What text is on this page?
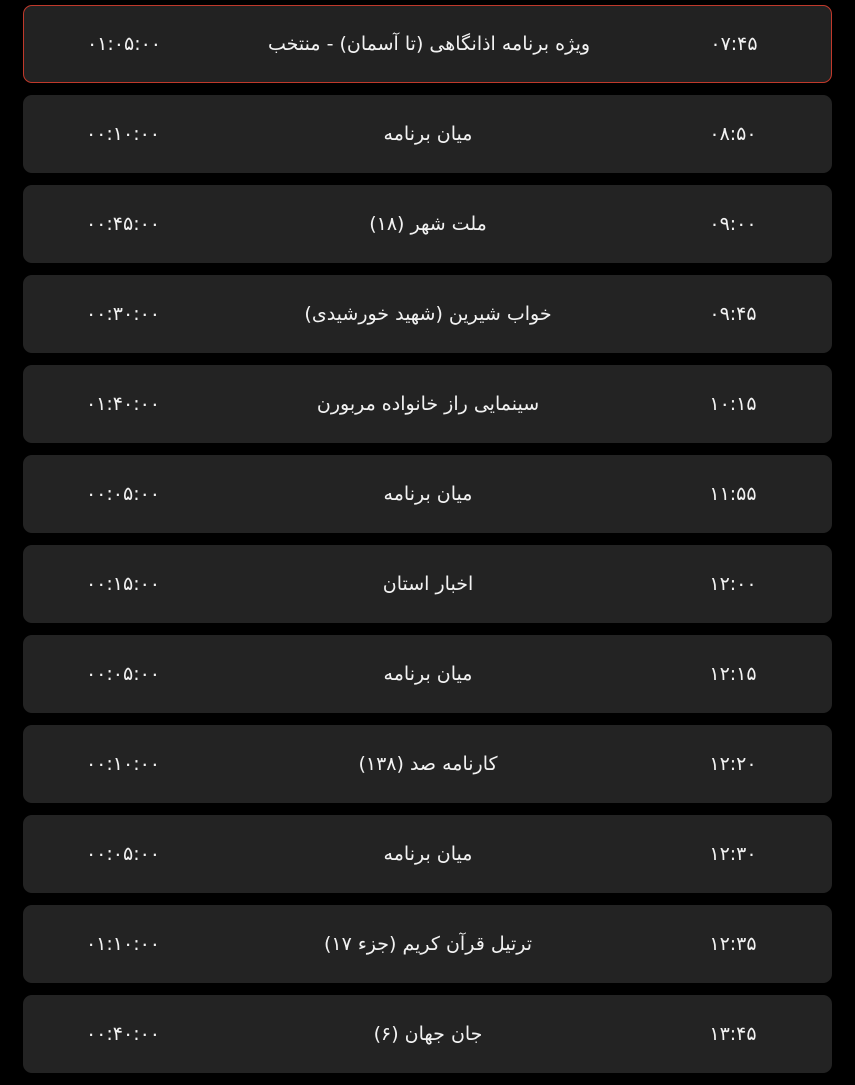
۰۱:۰۵:۰۰	ویژه برنامه اذانگاهی (تا آسمان) - منتخب	۰۷:۴۵
۰۰:۱۰:۰۰	میان برنامه	۰۸:۵۰
۰۰:۴۵:۰۰	ملت شهر (۱۸)	۰۹:۰۰
۰۰:۳۰:۰۰	خواب شیرین (شهید خورشیدی)	۰۹:۴۵
۰۱:۴۰:۰۰	سینمایی راز خانواده مربورن	۱۰:۱۵
۰۰:۰۵:۰۰	میان برنامه	۱۱:۵۵
۰۰:۱۵:۰۰	اخبار استان	۱۲:۰۰
۰۰:۰۵:۰۰	میان برنامه	۱۲:۱۵
۰۰:۱۰:۰۰	کارنامه صد (۱۳۸)	۱۲:۲۰
۰۰:۰۵:۰۰	میان برنامه	۱۲:۳۰
۰۱:۱۰:۰۰	ترتیل قرآن کریم (جزء ۱۷)	۱۲:۳۵
۰۰:۴۰:۰۰	جان جهان (۶)	۱۳:۴۵
